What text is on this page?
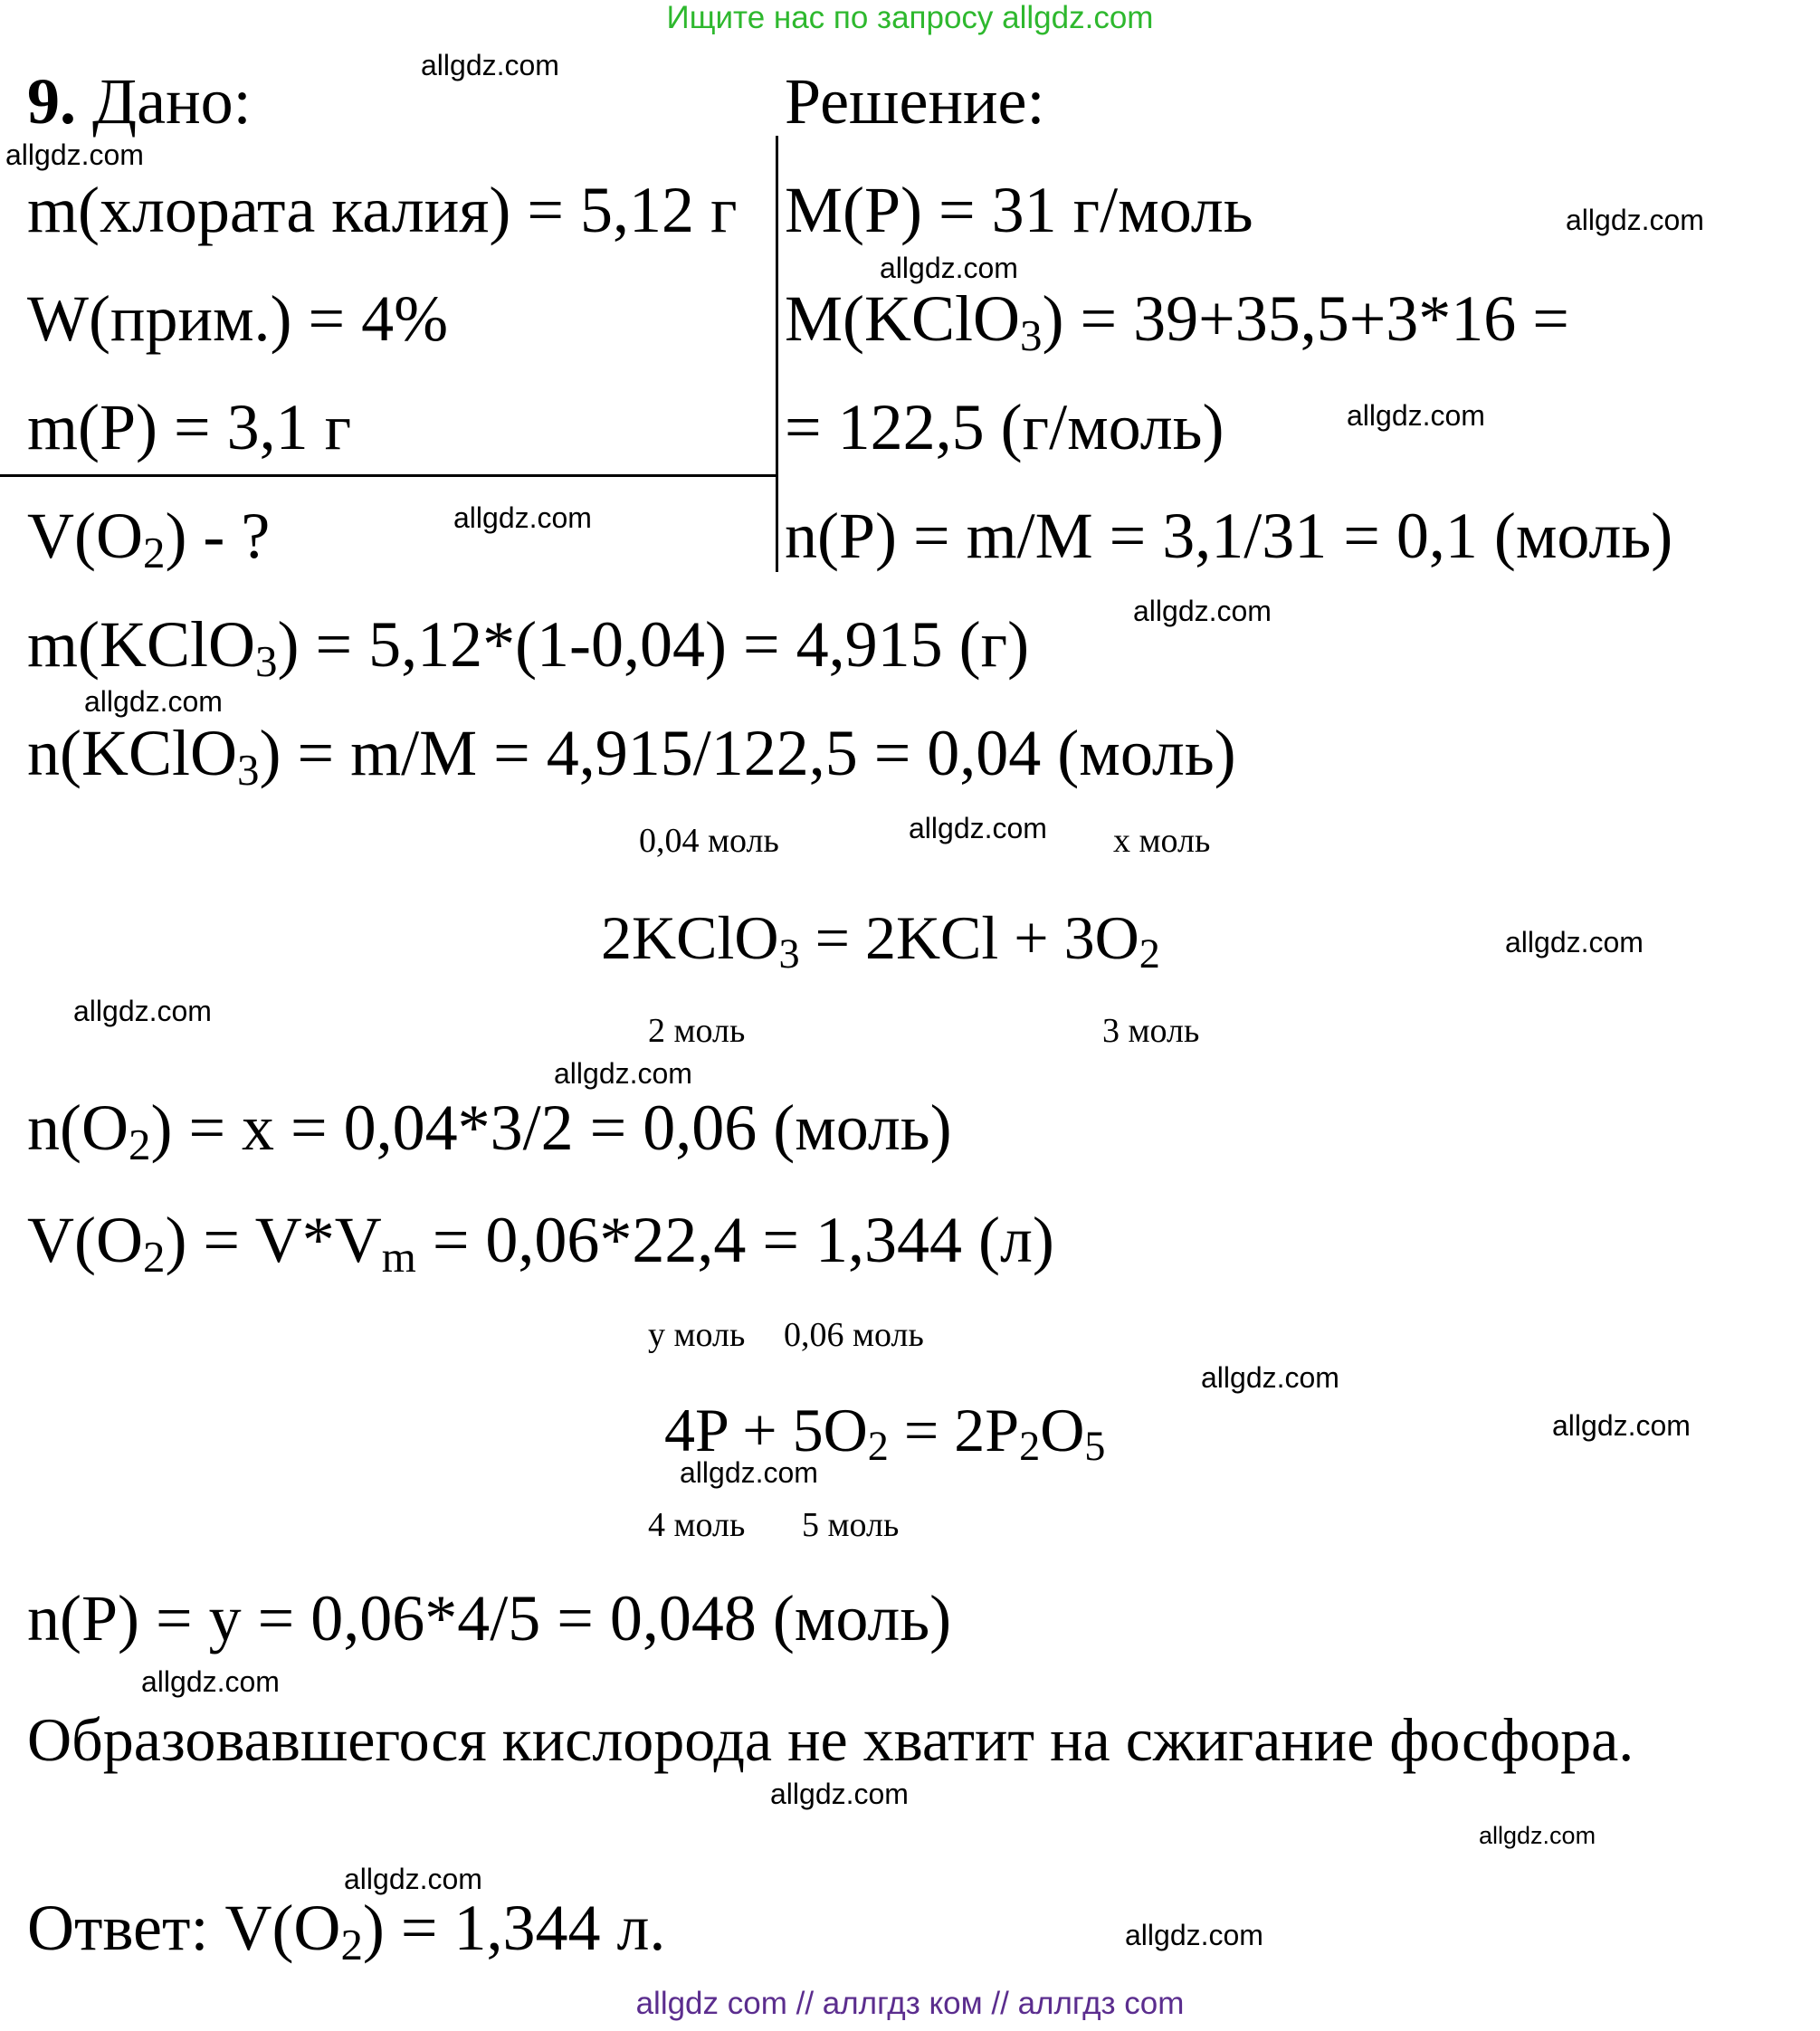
Ищите нас по запросу allgdz.com
allgdz.com
allgdz.com
allgdz.com
allgdz.com
allgdz.com
allgdz.com
allgdz.com
allgdz.com
allgdz.com
allgdz.com
allgdz.com
allgdz.com
allgdz.com
allgdz.com
allgdz.com
allgdz.com
allgdz.com
allgdz.com
allgdz.com
allgdz.com
9. Дано:
m(хлората калия) = 5,12 г
W(прим.) = 4%
m(P) = 3,1 г
$V(O_2)$ - ?
Решение:
M(P) = 31 г/моль
M(KClO$_3$) = 39+35,5+3*16 =
= 122,5 (г/моль)
n(P) = m/M = 3,1/31 = 0,1 (моль)
m(KClO$_3$) = 5,12*(1-0,04) = 4,915 (г)
n(KClO$_3$) = m/M = 4,915/122,5 = 0,04 (моль)
0,04 моль	x моль
2KClO$_3$ = $2KCl + 3O_2$
2 моль	3 моль
$n(O_2) = x = 0,04*3/2 = 0,06$ (моль)
$V(O_2) = V*V_m = 0,06*22,4 = 1,344$ (л)
y моль 0,06 моль
$4P + 5O_2 = 2P_2O_5$
4 моль 5 моль
n(P) = y = 0,06*4/5 = 0,048 (моль)
Образовавшегося кислорода не хватит на сжигание фосфора.
Ответ: $V(O_2) = 1,344$ л.
allgdz com // аллгдз ком // аллгдз com
